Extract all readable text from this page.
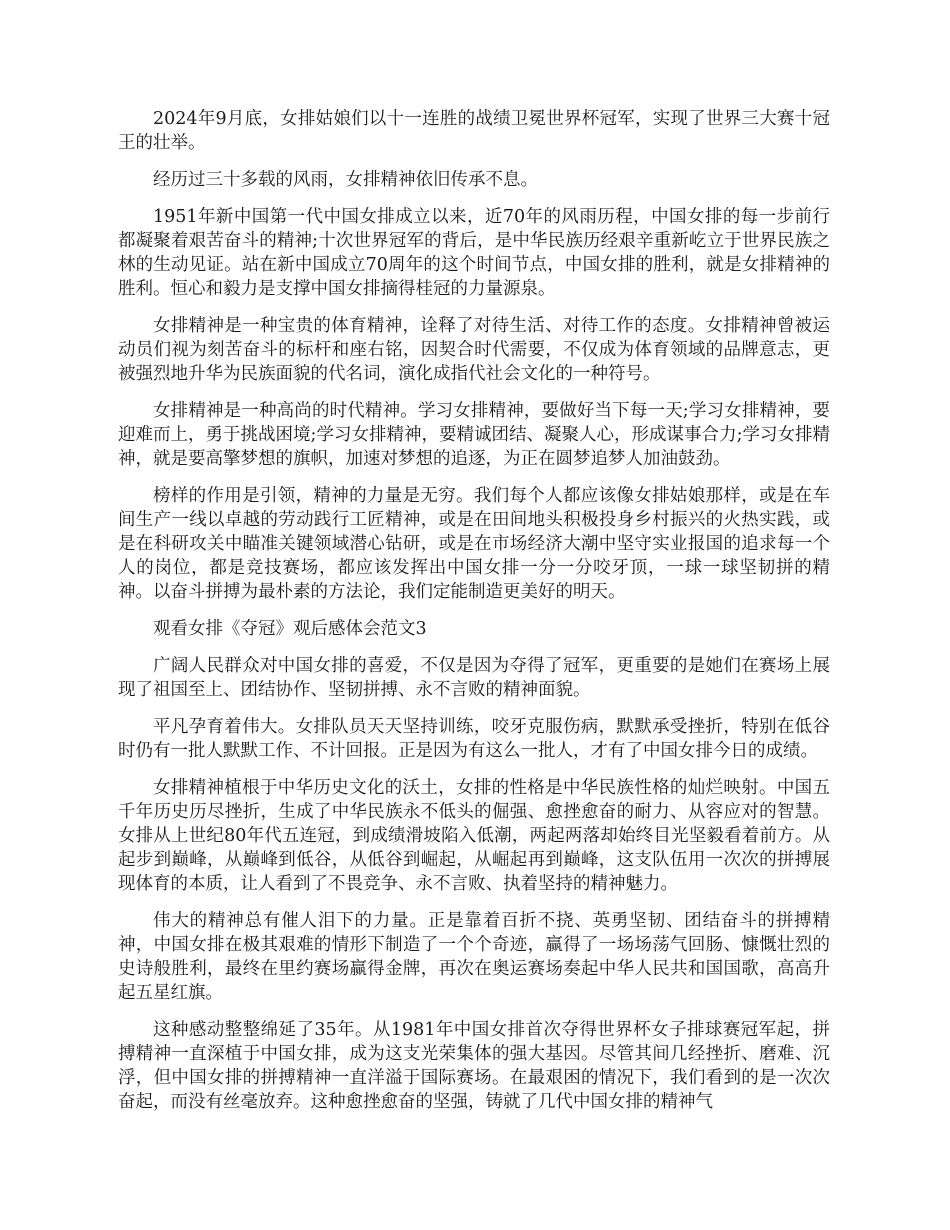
2024年9月底，女排姑娘们以十一连胜的战绩卫冕世界杯冠军，实现了世界三大赛十冠王的壮举。

经历过三十多载的风雨，女排精神依旧传承不息。

1951年新中国第一代中国女排成立以来，近70年的风雨历程，中国女排的每一步前行都凝聚着艰苦奋斗的精神;十次世界冠军的背后，是中华民族历经艰辛重新屹立于世界民族之林的生动见证。站在新中国成立70周年的这个时间节点，中国女排的胜利，就是女排精神的胜利。恒心和毅力是支撑中国女排摘得桂冠的力量源泉。

女排精神是一种宝贵的体育精神，诠释了对待生活、对待工作的态度。女排精神曾被运动员们视为刻苦奋斗的标杆和座右铭，因契合时代需要，不仅成为体育领域的品牌意志，更被强烈地升华为民族面貌的代名词，演化成指代社会文化的一种符号。

女排精神是一种高尚的时代精神。学习女排精神，要做好当下每一天;学习女排精神，要迎难而上，勇于挑战困境;学习女排精神，要精诚团结、凝聚人心，形成谋事合力;学习女排精神，就是要高擎梦想的旗帜，加速对梦想的追逐，为正在圆梦追梦人加油鼓劲。

榜样的作用是引领，精神的力量是无穷。我们每个人都应该像女排姑娘那样，或是在车间生产一线以卓越的劳动践行工匠精神，或是在田间地头积极投身乡村振兴的火热实践，或是在科研攻关中瞄准关键领域潜心钻研，或是在市场经济大潮中坚守实业报国的追求每一个人的岗位，都是竞技赛场，都应该发挥出中国女排一分一分咬牙顶，一球一球坚韧拼的精神。以奋斗拼搏为最朴素的方法论，我们定能制造更美好的明天。

观看女排《夺冠》观后感体会范文3

广阔人民群众对中国女排的喜爱，不仅是因为夺得了冠军，更重要的是她们在赛场上展现了祖国至上、团结协作、坚韧拼搏、永不言败的精神面貌。

平凡孕育着伟大。女排队员天天坚持训练，咬牙克服伤病，默默承受挫折，特别在低谷时仍有一批人默默工作、不计回报。正是因为有这么一批人，才有了中国女排今日的成绩。

女排精神植根于中华历史文化的沃土，女排的性格是中华民族性格的灿烂映射。中国五千年历史历尽挫折，生成了中华民族永不低头的倔强、愈挫愈奋的耐力、从容应对的智慧。女排从上世纪80年代五连冠，到成绩滑坡陷入低潮，两起两落却始终目光坚毅看着前方。从起步到巅峰，从巅峰到低谷，从低谷到崛起，从崛起再到巅峰，这支队伍用一次次的拼搏展现体育的本质，让人看到了不畏竞争、永不言败、执着坚持的精神魅力。

伟大的精神总有催人泪下的力量。正是靠着百折不挠、英勇坚韧、团结奋斗的拼搏精神，中国女排在极其艰难的情形下制造了一个个奇迹，赢得了一场场荡气回肠、慷慨壮烈的史诗般胜利，最终在里约赛场赢得金牌，再次在奥运赛场奏起中华人民共和国国歌，高高升起五星红旗。

这种感动整整绵延了35年。从1981年中国女排首次夺得世界杯女子排球赛冠军起，拼搏精神一直深植于中国女排，成为这支光荣集体的强大基因。尽管其间几经挫折、磨难、沉浮，但中国女排的拼搏精神一直洋溢于国际赛场。在最艰困的情况下，我们看到的是一次次奋起，而没有丝毫放弃。这种愈挫愈奋的坚强，铸就了几代中国女排的精神气
